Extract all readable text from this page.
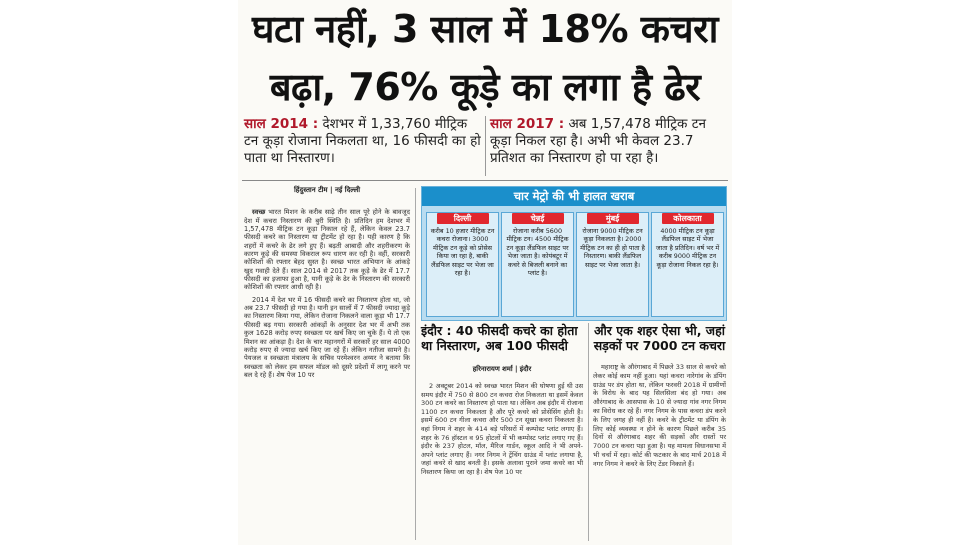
घटा नहीं, 3 साल में 18% कचरा
बढ़ा, 76% कूड़े का लगा है ढेर
साल 2014 : देशभर में 1,33,760 मीट्रिक टन कूड़ा रोजाना निकलता था, 16 फीसदी का हो पाता था निस्तारण।
साल 2017 : अब 1,57,478 मीट्रिक टन कूड़ा निकल रहा है। अभी भी केवल 23.7 प्रतिशत का निस्तारण हो पा रहा है।
हिंदुस्तान टीम | नई दिल्ली

स्वच्छ भारत मिशन के करीब साढ़े तीन साल पूरे होने के बावजूद देश में कचरा निस्तारण की बुरी स्थिति है। प्रतिदिन हम देशभर में 1,57,478 मीट्रिक टन कूड़ा निकाल रहे हैं, लेकिन केवल 23.7 फीसदी कचरे का निस्तारण या ट्रीटमेंट हो रहा है। यही कारण है कि शहरों में कचरे के ढेर लगे हुए हैं। बढ़ती आबादी और शहरीकरण के कारण कूड़े की समस्या विकराल रूप धारण कर रही है। वहीं, सरकारी कोशिशों की रफ्तार बेहद सुस्त है। स्वच्छ भारत अभियान के आंकड़े खुद गवाही देते हैं। साल 2014 से 2017 तक कूड़े के ढेर में 17.7 फीसदी का इजाफा हुआ है, यानी कूड़े के ढेर के निस्तारण की सरकारी कोशिशों की रफ्तार आधी रही है।

2014 में देश भर में 16 फीसदी कचरे का निस्तारण होता था, जो अब 23.7 फीसदी हो गया है। यानी इन सालों में 7 फीसदी ज्यादा कूड़े का निस्तारण किया गया, लेकिन रोजाना निकलने वाला कूड़ा भी 17.7 फीसदी बढ़ गया। सरकारी आंकड़ों के अनुसार देश भर में अभी तक कुल 1628 करोड़ रुपए स्वच्छता पर खर्च किए जा चुके हैं। ये तो एक मिशन का आंकड़ा है। देश के चार महानगरों में सरकारें हर साल 4000 करोड़ रुपए से ज्यादा खर्च किए जा रहे हैं। लेकिन नतीजा सामने है। पेयजल व स्वच्छता मंत्रालय के सचिव परमेश्वरन अय्यर ने बताया कि स्वच्छता को लेकर हम सफल मॉडल को दूसरे प्रदेशों में लागू करने पर बल दे रहे हैं। शेष पेज 10 पर

चार मेट्रो की भी हालत खराब
दिल्ली
करीब 10 हजार मीट्रिक टन कचरा रोजाना। 3000 मीट्रिक टन कूड़े को प्रोसेस किया जा रहा है, बाकी लैंडफिल साइट पर भेजा जा रहा है।
चेन्नई
रोजाना करीब 5600 मीट्रिक टन। 4500 मीट्रिक टन कूड़ा लैंडफिल साइट पर भेजा जाता है। कोयंबटूर में कचरे से बिजली बनाने का प्लांट है।
मुंबई
रोजाना 9000 मीट्रिक टन कूड़ा निकलता है। 2000 मीट्रिक टन का ही हो पाता है निस्तारण। बाकी लैंडफिल साइट पर भेजा जाता है।
कोलकाता
4000 मीट्रिक टन कूड़ा लैंडफिल साइट में भेजा जाता है प्रतिदिन। वर्ष भर में करीब 9000 मीट्रिक टन कूड़ा रोजाना निकल रहा है।
इंदौर : 40 फीसदी कचरे का होता था निस्तारण, अब 100 फीसदी
हरिनारायण शर्मा | इंदौर
2 अक्टूबर 2014 को स्वच्छ भारत मिशन की घोषणा हुई थी उस समय इंदौर में 750 से 800 टन कचरा रोज निकलता था इसमें केवल 300 टन कचरे का निस्तारण हो पाता था। लेकिन अब इंदौर में रोजाना 1100 टन कचरा निकलता है और पूरे कचरे को प्रोसेसिंग होती है। इसमें 600 टन गीला कचरा और 500 टन सूखा कचरा निकलता है। वहां निगम ने शहर के 414 बड़े परिसरों में कम्पोस्ट प्लांट लगाए हैं। शहर के 76 हॉस्टल व 95 होटलों में भी कम्पोस्ट प्लांट लगाए गए हैं। इंदौर के 237 होटल, मॉल, मैरिज गार्डन, स्कूल आदि ने भी अपने-अपने प्लांट लगाए हैं। नगर निगम ने ट्रेंचिंग ग्राउंड में प्लांट लगाया है, जहां कचरे से खाद बनती है। इसके अलावा पुराने जमा कचरे का भी निस्तारण किया जा रहा है। शेष पेज 10 पर
और एक शहर ऐसा भी, जहां सड़कों पर 7000 टन कचरा
महाराष्ट्र के औरंगाबाद में पिछले 33 साल से कचरे को लेकर कोई काम नहीं हुआ। यहां कचरा नारेगांव के डंपिंग ग्राउंड पर डंप होता था, लेकिन फरवरी 2018 में ग्रामीणों के विरोध के बाद यह सिलसिला बंद हो गया। अब औरंगाबाद के आसपास के 10 से ज्यादा गांव नगर निगम का विरोध कर रहे हैं। नगर निगम के पास कचरा डंप करने के लिए जगह ही नहीं है। कचरे के ट्रीटमेंट या डंपिंग के लिए कोई व्यवस्था न होने के कारण पिछले करीब 35 दिनों से औरंगाबाद शहर की सड़कों और रास्तों पर 7000 टन कचरा पड़ा हुआ है। यह मामला विधानसभा में भी चर्चा में रहा। कोर्ट की फटकार के बाद मार्च 2018 में नगर निगम ने कचरे के लिए टेंडर निकाले हैं।
